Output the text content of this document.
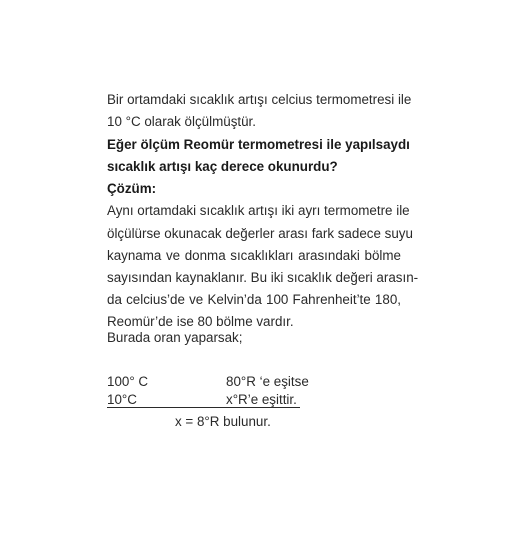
Bir ortamdaki sıcaklık artışı celcius termometresi ile
10 °C olarak ölçülmüştür.
Eğer ölçüm Reomür termometresi ile yapılsaydı
sıcaklık artışı kaç derece okunurdu?
Çözüm:
Aynı ortamdaki sıcaklık artışı iki ayrı termometre ile
ölçülürse okunacak değerler arası fark sadece suyu
kaynama ve donma sıcaklıkları arasındaki bölme
sayısından kaynaklanır. Bu iki sıcaklık değeri arasın-
da celcius’de ve Kelvin’da 100 Fahrenheit’te 180,
Reomür’de ise 80 bölme vardır.
Burada oran yaparsak;
100° C	80°R ‘e eşitse
10°C	x°R’e eşittir.
x = 8°R bulunur.
